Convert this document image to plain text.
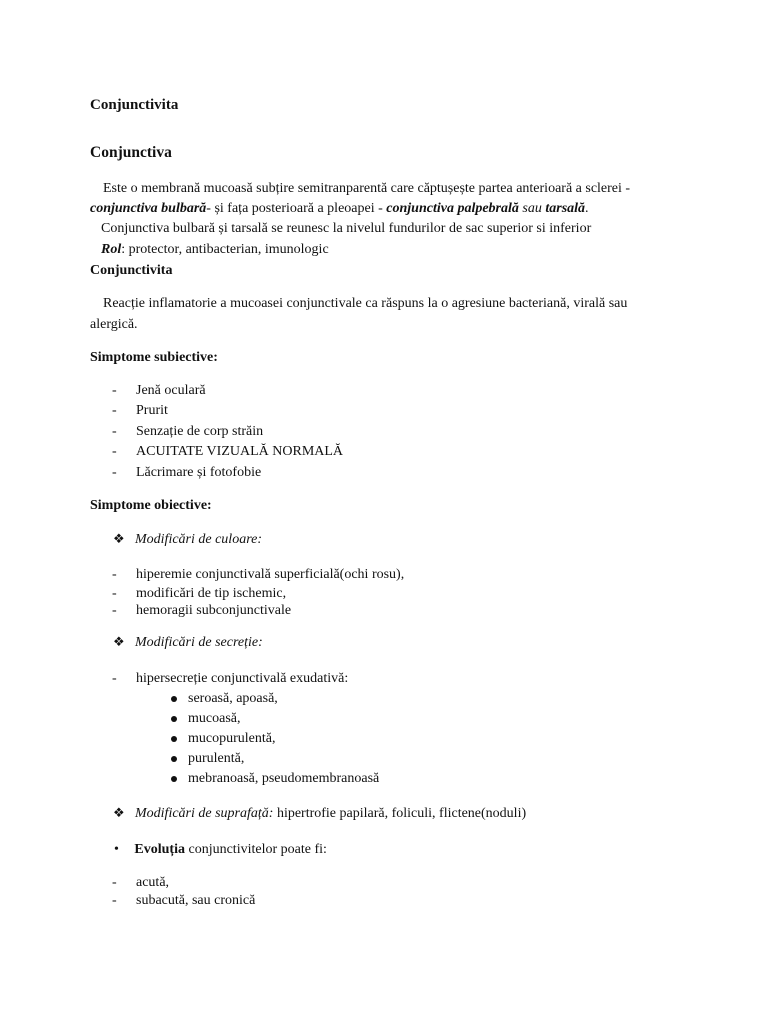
Conjunctivita
Conjunctiva
Este o membrană mucoasă subțire semitranparentă care căptușește partea anterioară a sclerei -
conjunctiva bulbară- și fața posterioară a pleoapei - conjunctiva palpebrală sau tarsală.
Conjunctiva bulbară și tarsală se reunesc la nivelul fundurilor de sac superior si inferior
Rol: protector, antibacterian, imunologic
Conjunctivita
Reacție inflamatorie a mucoasei conjunctivale ca răspuns la o agresiune bacteriană, virală sau
alergică.
Simptome subiective:
- Jenă oculară
- Prurit
- Senzație de corp străin
- ACUITATE VIZUALĂ NORMALĂ
- Lăcrimare și fotofobie
Simptome obiective:
❖ Modificări de culoare:
- hiperemie conjunctivală superficială(ochi rosu),
- modificări de tip ischemic,
- hemoragii subconjunctivale
❖ Modificări de secreție:
- hipersecreție conjunctivală exudativă:
seroasă, apoasă,
mucoasă,
mucopurulentă,
purulentă,
mebranoasă, pseudomembranoasă
❖ Modificări de suprafață: hipertrofie papilară, foliculi, flictene(noduli)
• Evoluția conjunctivitelor poate fi:
- acută,
- subacută, sau cronică
